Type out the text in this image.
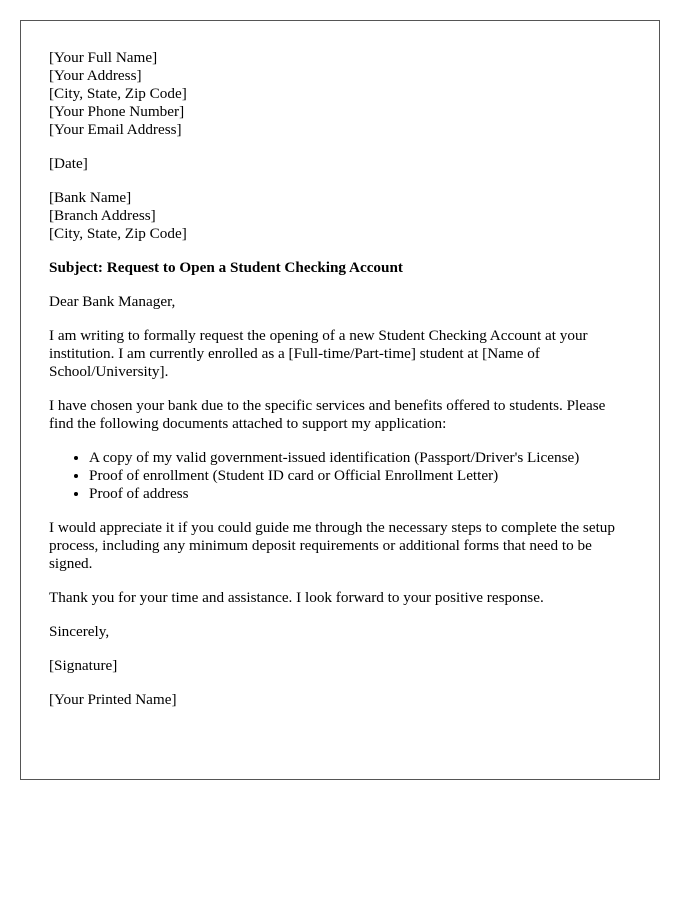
[Your Full Name]
[Your Address]
[City, State, Zip Code]
[Your Phone Number]
[Your Email Address]
[Date]
[Bank Name]
[Branch Address]
[City, State, Zip Code]

Subject: Request to Open a Student Checking Account

Dear Bank Manager,

I am writing to formally request the opening of a new Student Checking Account at your institution. I am currently enrolled as a [Full-time/Part-time] student at [Name of School/University].

I have chosen your bank due to the specific services and benefits offered to students. Please find the following documents attached to support my application:

• A copy of my valid government-issued identification (Passport/Driver's License)
• Proof of enrollment (Student ID card or Official Enrollment Letter)
• Proof of address

I would appreciate it if you could guide me through the necessary steps to complete the setup process, including any minimum deposit requirements or additional forms that need to be signed.

Thank you for your time and assistance. I look forward to your positive response.

Sincerely,

[Signature]

[Your Printed Name]
